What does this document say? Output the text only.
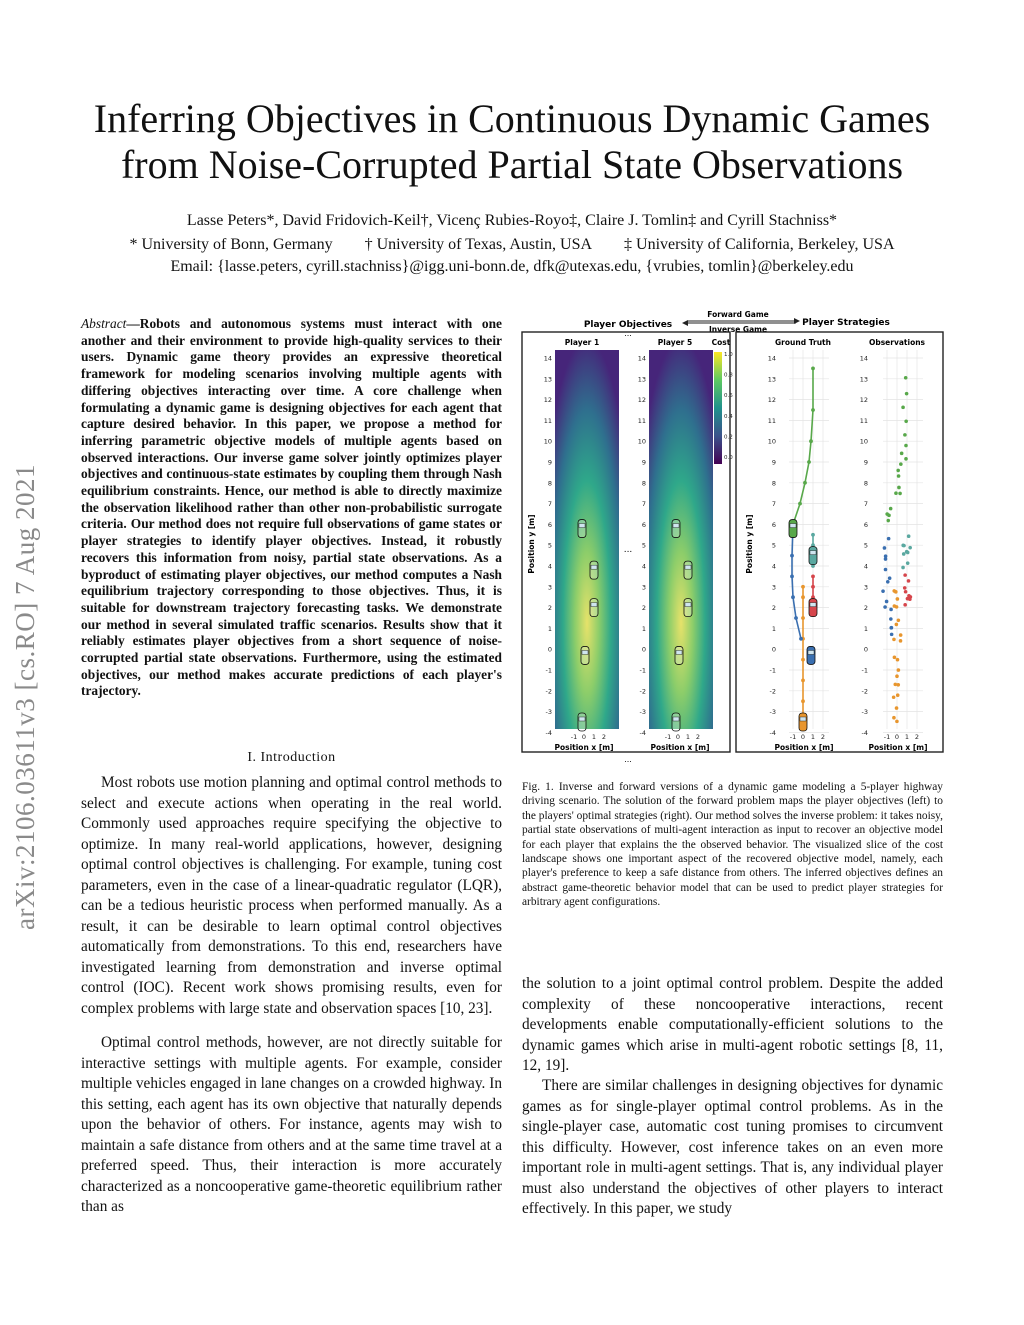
arXiv:2106.03611v3 [cs.RO] 7 Aug 2021
Inferring Objectives in Continuous Dynamic Games
from Noise-Corrupted Partial State Observations
Lasse Peters*, David Fridovich-Keil†, Vicenç Rubies-Royo‡, Claire J. Tomlin‡ and Cyrill Stachniss*
* University of Bonn, Germany † University of Texas, Austin, USA ‡ University of California, Berkeley, USA
Email: {lasse.peters, cyrill.stachniss}@igg.uni-bonn.de, dfk@utexas.edu, {vrubies, tomlin}@berkeley.edu

Abstract—Robots and autonomous systems must interact with one another and their environment to provide high-quality services to their users. Dynamic game theory provides an expressive theoretical framework for modeling scenarios involving multiple agents with differing objectives interacting over time. A core challenge when formulating a dynamic game is designing objectives for each agent that capture desired behavior. In this paper, we propose a method for inferring parametric objective models of multiple agents based on observed interactions. Our inverse game solver jointly optimizes player objectives and continuous-state estimates by coupling them through Nash equilibrium constraints. Hence, our method is able to directly maximize the observation likelihood rather than other non-probabilistic surrogate criteria. Our method does not require full observations of game states or player strategies to identify player objectives. Instead, it robustly recovers this information from noisy, partial state observations. As a byproduct of estimating player objectives, our method computes a Nash equilibrium trajectory corresponding to those objectives. Thus, it is suitable for downstream trajectory forecasting tasks. We demonstrate our method in several simulated traffic scenarios. Results show that it reliably estimates player objectives from a short sequence of noise-corrupted partial state observations. Furthermore, using the estimated objectives, our method makes accurate predictions of each player's trajectory.

I. Introduction

Most robots use motion planning and optimal control methods to select and execute actions when operating in the real world. Commonly used approaches require specifying the objective to optimize. In many real-world applications, however, designing optimal control objectives is challenging. For example, tuning cost parameters, even in the case of a linear-quadratic regulator (LQR), can be a tedious heuristic process when performed manually. As a result, it can be desirable to learn optimal control objectives automatically from demonstrations. To this end, researchers have investigated learning from demonstration and inverse optimal control (IOC). Recent work shows promising results, even for complex problems with large state and observation spaces [10, 23].

Optimal control methods, however, are not directly suitable for interactive settings with multiple agents. For example, consider multiple vehicles engaged in lane changes on a crowded highway. In this setting, each agent has its own objective that naturally depends upon the behavior of others. For instance, agents may wish to maintain a safe distance from others and at the same time travel at a preferred speed. Thus, their interaction is more accurately characterized as a noncooperative game-theoretic equilibrium rather than as

Player Objectives
Forward Game
Inverse Game
Player Strategies
...
...
...
Player 1	Player 5	Cost	Ground Truth	Observations
Position y [m]	Position y [m]
Position x [m]	Position x [m]	Position x [m]	Position x [m]
14
13
12
11
10
9
8
7
6
5
4
3
2
1
0
-1
-2
-3
-4
-1 0 1 2
14
13
12
11
10
9
8
7
6
5
4
3
2
1
0
-1
-2
-3
-4
-1 0 1 2
14
13
12
11
10
9
8
7
6
5
4
3
2
1
0
-1
-2
-3
-4
-1 0 1 2
14
13
12
11
10
9
8
7
6
5
4
3
2
1
0
-1
-2
-3
-4
-1 0 1 2
1.0
0.8
0.6
0.4
0.2
0.0

Fig. 1. Inverse and forward versions of a dynamic game modeling a 5-player highway driving scenario. The solution of the forward problem maps the player objectives (left) to the players' optimal strategies (right). Our method solves the inverse problem: it takes noisy, partial state observations of multi-agent interaction as input to recover an objective model for each player that explains the the observed behavior. The visualized slice of the cost landscape shows one important aspect of the recovered objective model, namely, each player's preference to keep a safe distance from others. The inferred objectives defines an abstract game-theoretic behavior model that can be used to predict player strategies for arbitrary agent configurations.

the solution to a joint optimal control problem. Despite the added complexity of these noncooperative interactions, recent developments enable computationally-efficient solutions to the dynamic games which arise in multi-agent robotic settings [8, 11, 12, 19].

There are similar challenges in designing objectives for dynamic games as for single-player optimal control problems. As in the single-player case, automatic cost tuning promises to circumvent this difficulty. However, cost inference takes on an even more important role in multi-agent settings. That is, any individual player must also understand the objectives of other players to interact effectively. In this paper, we study
